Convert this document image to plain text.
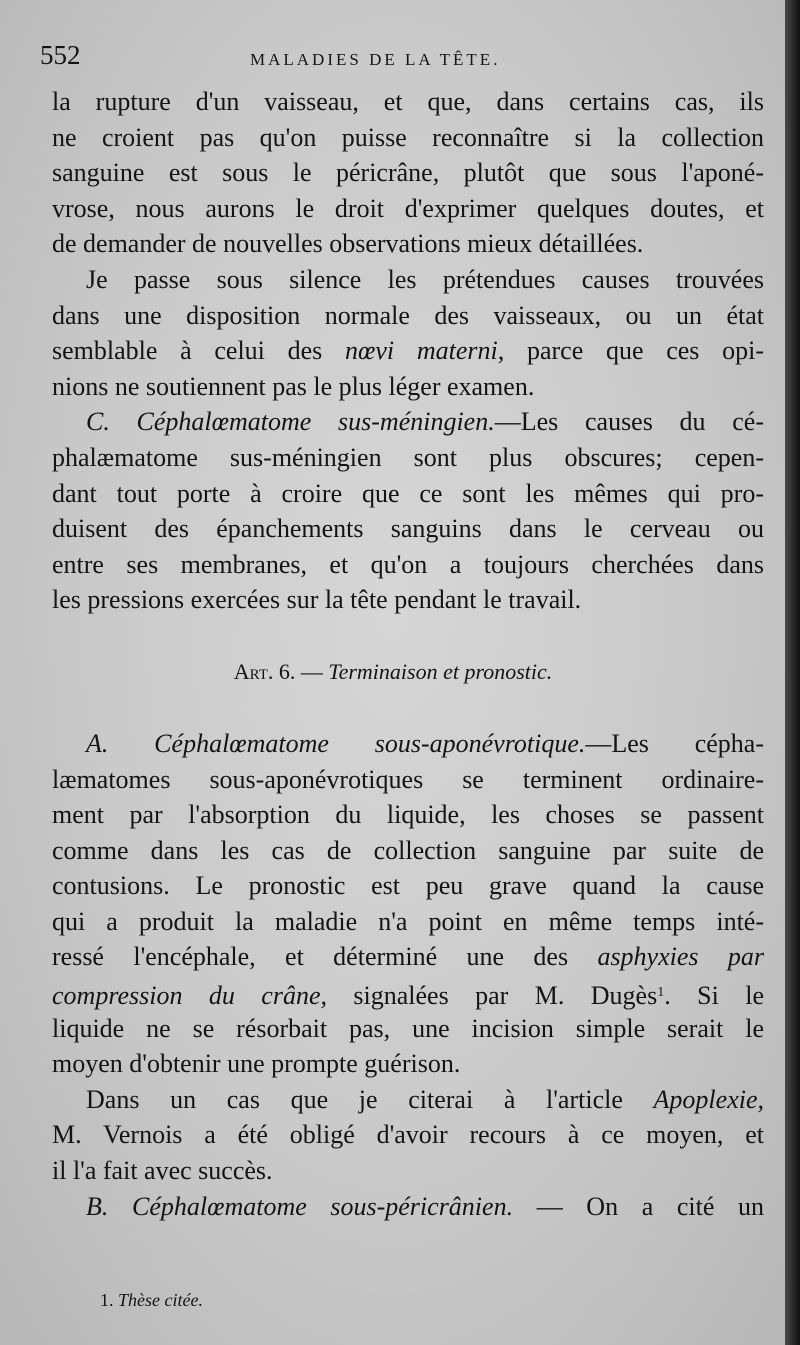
552	MALADIES DE LA TÊTE.
la rupture d'un vaisseau, et que, dans certains cas, ils
ne croient pas qu'on puisse reconnaître si la collection
sanguine est sous le péricrâne, plutôt que sous l'aponé-
vrose, nous aurons le droit d'exprimer quelques doutes, et
de demander de nouvelles observations mieux détaillées.
Je passe sous silence les prétendues causes trouvées
dans une disposition normale des vaisseaux, ou un état
semblable à celui des nœvi materni, parce que ces opi-
nions ne soutiennent pas le plus léger examen.
C. Céphalœmatome sus-méningien.—Les causes du cé-
phalæmatome sus-méningien sont plus obscures; cepen-
dant tout porte à croire que ce sont les mêmes qui pro-
duisent des épanchements sanguins dans le cerveau ou
entre ses membranes, et qu'on a toujours cherchées dans
les pressions exercées sur la tête pendant le travail.
Art. 6. — Terminaison et pronostic.
A. Céphalœmatome sous-aponévrotique.—Les cépha-
læmatomes sous-aponévrotiques se terminent ordinaire-
ment par l'absorption du liquide, les choses se passent
comme dans les cas de collection sanguine par suite de
contusions. Le pronostic est peu grave quand la cause
qui a produit la maladie n'a point en même temps inté-
ressé l'encéphale, et déterminé une des asphyxies par
compression du crâne, signalées par M. Dugès$^1$. Si le
liquide ne se résorbait pas, une incision simple serait le
moyen d'obtenir une prompte guérison.
Dans un cas que je citerai à l'article Apoplexie,
M. Vernois a été obligé d'avoir recours à ce moyen, et
il l'a fait avec succès.
B. Céphalœmatome sous-péricrânien. — On a cité un
1. Thèse citée.
